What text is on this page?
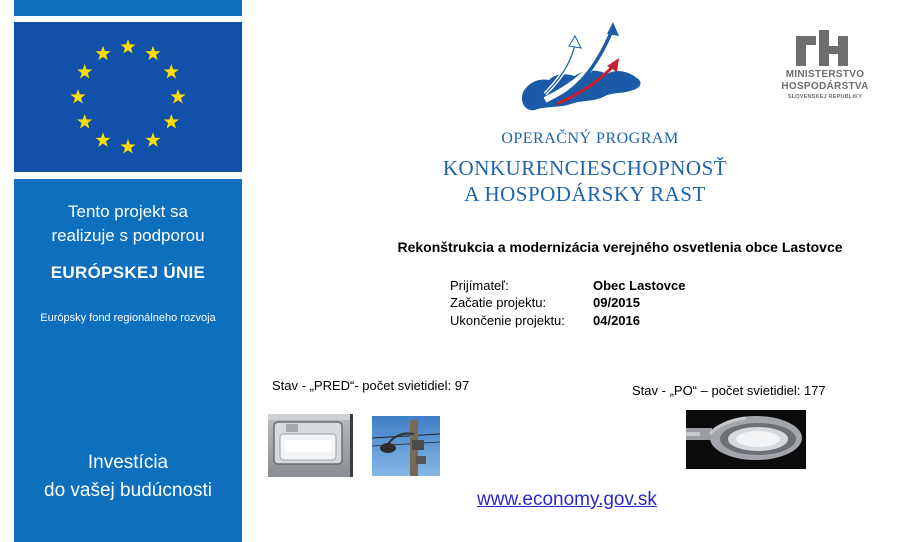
Tento projekt sa
realizuje s podporou
EURÓPSKEJ ÚNIE
Európsky fond regionálneho rozvoja
Investícia
do vašej budúcnosti
OPERAČNÝ PROGRAM
KONKURENCIESCHOPNOSŤ
A HOSPODÁRSKY RAST
MINISTERSTVO
HOSPODÁRSTVA
SLOVENSKEJ REPUBLIKY
Rekonštrukcia a modernizácia verejného osvetlenia obce Lastovce
Prijímateľ:	Obec Lastovce
Začatie projektu:	09/2015
Ukončenie projektu: 04/2016
Stav - „PRED“- počet svietidiel: 97	Stav - „PO“ – počet svietidiel: 177
www.economy.gov.sk
